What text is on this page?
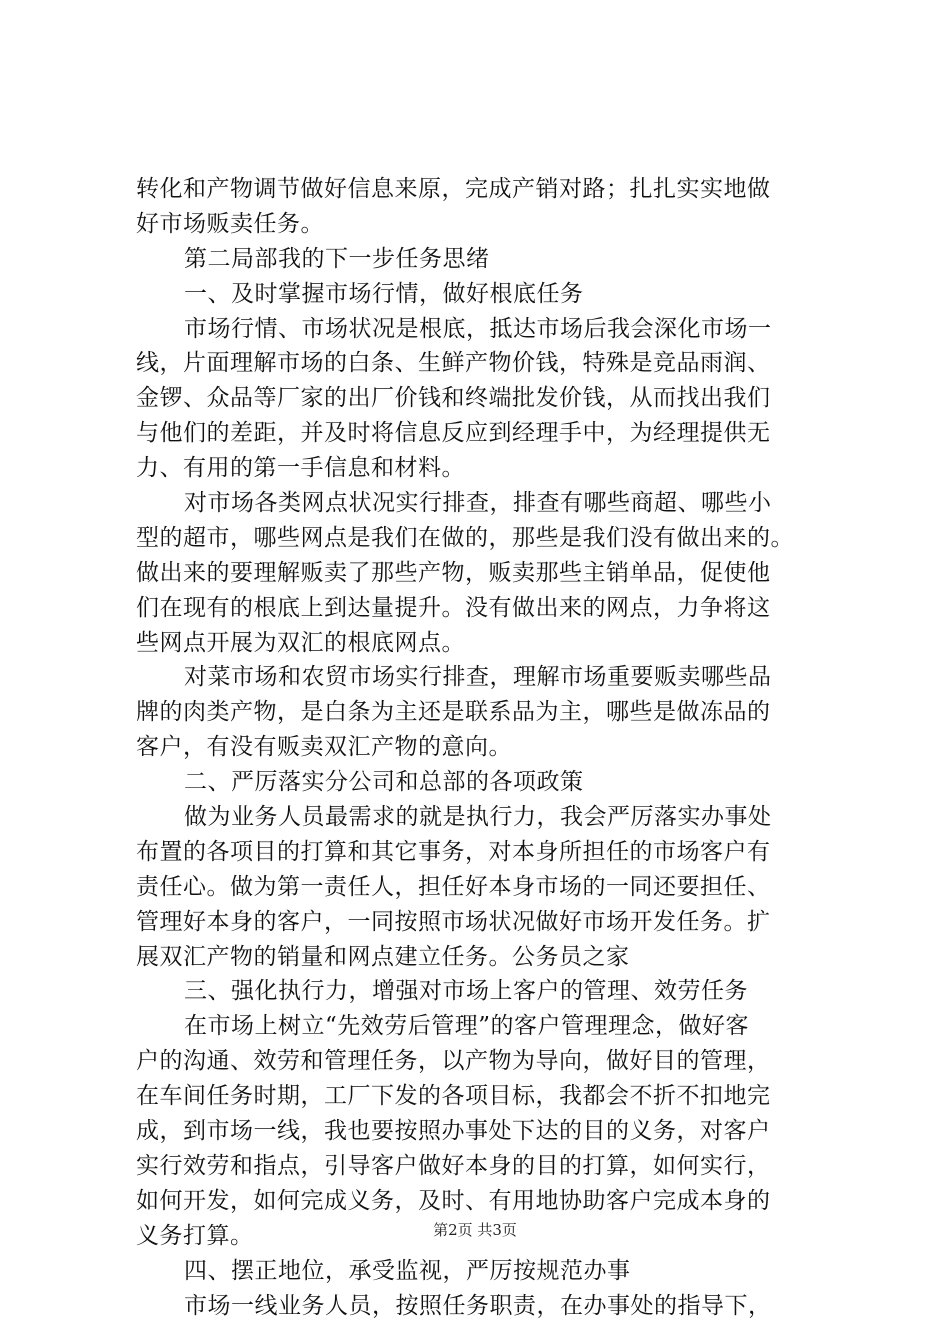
转化和产物调节做好信息来原，完成产销对路；扎扎实实地做
好市场贩卖任务。
第二局部我的下一步任务思绪
一、及时掌握市场行情，做好根底任务
市场行情、市场状况是根底，抵达市场后我会深化市场一
线，片面理解市场的白条、生鲜产物价钱，特殊是竞品雨润、
金锣、众品等厂家的出厂价钱和终端批发价钱，从而找出我们
与他们的差距，并及时将信息反应到经理手中，为经理提供无
力、有用的第一手信息和材料。
对市场各类网点状况实行排查，排查有哪些商超、哪些小
型的超市，哪些网点是我们在做的，那些是我们没有做出来的。
做出来的要理解贩卖了那些产物，贩卖那些主销单品，促使他
们在现有的根底上到达量提升。没有做出来的网点，力争将这
些网点开展为双汇的根底网点。
对菜市场和农贸市场实行排查，理解市场重要贩卖哪些品
牌的肉类产物，是白条为主还是联系品为主，哪些是做冻品的
客户，有没有贩卖双汇产物的意向。
二、严厉落实分公司和总部的各项政策
做为业务人员最需求的就是执行力，我会严厉落实办事处
布置的各项目的打算和其它事务，对本身所担任的市场客户有
责任心。做为第一责任人，担任好本身市场的一同还要担任、
管理好本身的客户，一同按照市场状况做好市场开发任务。扩
展双汇产物的销量和网点建立任务。公务员之家
三、强化执行力，增强对市场上客户的管理、效劳任务
在市场上树立“先效劳后管理”的客户管理理念，做好客
户的沟通、效劳和管理任务，以产物为导向，做好目的管理，
在车间任务时期，工厂下发的各项目标，我都会不折不扣地完
成，到市场一线，我也要按照办事处下达的目的义务，对客户
实行效劳和指点，引导客户做好本身的目的打算，如何实行，
如何开发，如何完成义务，及时、有用地协助客户完成本身的
义务打算。
四、摆正地位，承受监视，严厉按规范办事
市场一线业务人员，按照任务职责，在办事处的指导下，
第2页 共3页
